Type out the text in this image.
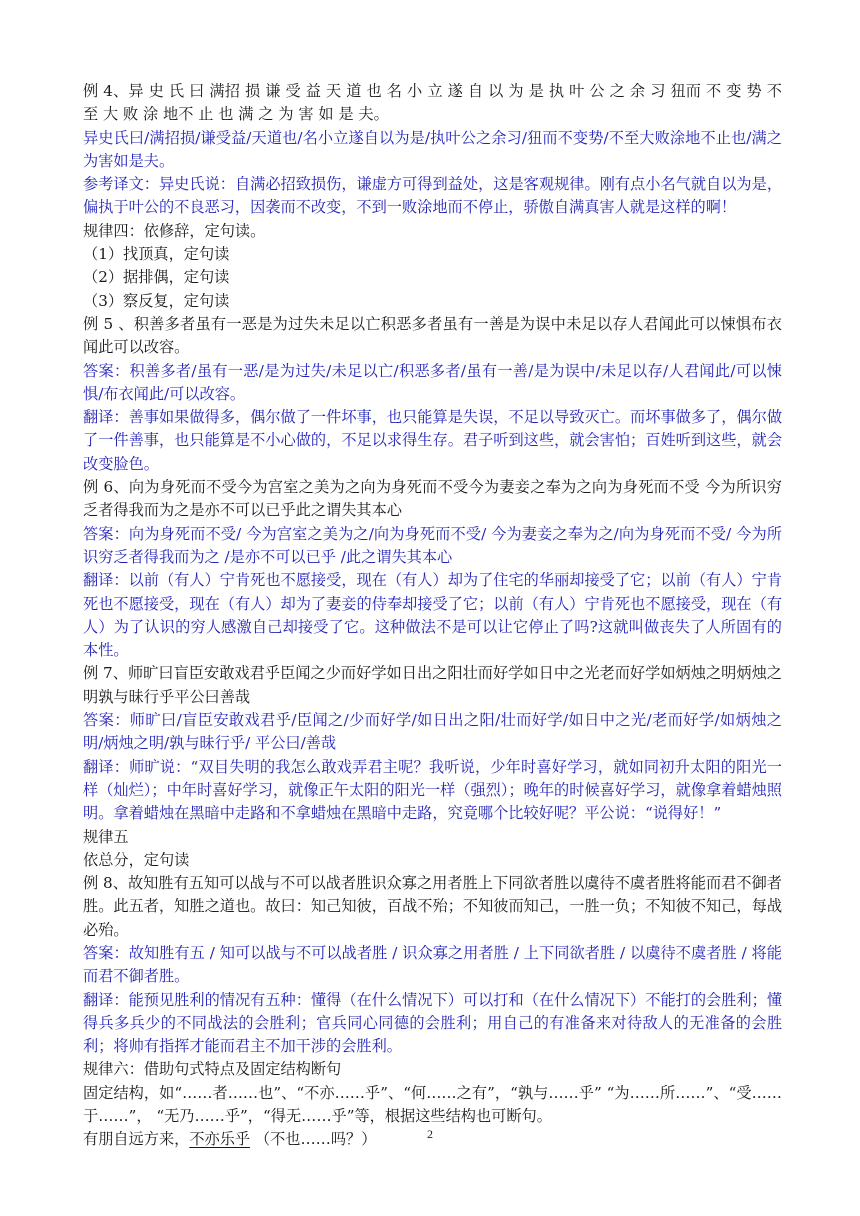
例 4、异 史 氏 曰 满招 损 谦 受 益 天 道 也 名 小 立 遂 自 以 为 是 执 叶 公 之 余 习 狃而 不 变 势 不 至 大 败 涂 地不 止 也 满 之 为 害 如 是 夫。

异史氏曰/满招损/谦受益/天道也/名小立遂自以为是/执叶公之余习/狃而不变势/不至大败涂地不止也/满之为害如是夫。

参考译文：异史氏说：自满必招致损伤，谦虚方可得到益处，这是客观规律。刚有点小名气就自以为是，偏执于叶公的不良恶习，因袭而不改变，不到一败涂地而不停止，骄傲自满真害人就是这样的啊！

规律四：依修辞，定句读。

（1）找顶真，定句读

（2）据排偶，定句读

（3）察反复，定句读

例 5 、积善多者虽有一恶是为过失未足以亡积恶多者虽有一善是为误中未足以存人君闻此可以悚惧布衣闻此可以改容。

答案：积善多者/虽有一恶/是为过失/未足以亡/积恶多者/虽有一善/是为误中/未足以存/人君闻此/可以悚惧/布衣闻此/可以改容。

翻译：善事如果做得多，偶尔做了一件坏事，也只能算是失误，不足以导致灭亡。而坏事做多了，偶尔做了一件善事，也只能算是不小心做的，不足以求得生存。君子听到这些，就会害怕；百姓听到这些，就会改变脸色。

例 6、向为身死而不受今为宫室之美为之向为身死而不受今为妻妾之奉为之向为身死而不受 今为所识穷乏者得我而为之是亦不可以已乎此之谓失其本心

答案：向为身死而不受/ 今为宫室之美为之/向为身死而不受/ 今为妻妾之奉为之/向为身死而不受/ 今为所识穷乏者得我而为之 /是亦不可以已乎 /此之谓失其本心

翻译：以前（有人）宁肯死也不愿接受，现在（有人）却为了住宅的华丽却接受了它；以前（有人）宁肯死也不愿接受，现在（有人）却为了妻妾的侍奉却接受了它；以前（有人）宁肯死也不愿接受，现在（有人）为了认识的穷人感激自己却接受了它。这种做法不是可以让它停止了吗?这就叫做丧失了人所固有的本性。

例 7、师旷曰盲臣安敢戏君乎臣闻之少而好学如日出之阳壮而好学如日中之光老而好学如炳烛之明炳烛之明孰与昧行乎平公曰善哉

答案：师旷曰/盲臣安敢戏君乎/臣闻之/少而好学/如日出之阳/壮而好学/如日中之光/老而好学/如炳烛之明/炳烛之明/孰与昧行乎/ 平公曰/善哉

翻译：师旷说：“双目失明的我怎么敢戏弄君主呢？我听说，少年时喜好学习，就如同初升太阳的阳光一样（灿烂）；中年时喜好学习，就像正午太阳的阳光一样（强烈）；晚年的时候喜好学习，就像拿着蜡烛照明。拿着蜡烛在黑暗中走路和不拿蜡烛在黑暗中走路，究竟哪个比较好呢？平公说：“说得好！”

规律五

依总分，定句读

例 8、故知胜有五知可以战与不可以战者胜识众寡之用者胜上下同欲者胜以虞待不虞者胜将能而君不御者胜。此五者，知胜之道也。故曰：知己知彼，百战不殆；不知彼而知己，一胜一负；不知彼不知己，每战必殆。

答案：故知胜有五 / 知可以战与不可以战者胜 / 识众寡之用者胜 / 上下同欲者胜 / 以虞待不虞者胜 / 将能而君不御者胜。

翻译：能预见胜利的情况有五种：懂得（在什么情况下）可以打和（在什么情况下）不能打的会胜利；懂得兵多兵少的不同战法的会胜利；官兵同心同德的会胜利；用自己的有准备来对待敌人的无准备的会胜利；将帅有指挥才能而君主不加干涉的会胜利。

规律六：借助句式特点及固定结构断句

固定结构，如“……者……也”、“不亦……乎”、“何……之有”，“孰与……乎” “为……所……”、“受……于……”， “无乃……乎”，“得无……乎”等，根据这些结构也可断句。

有朋自远方来，不亦乐乎 （不也……吗？）	2
